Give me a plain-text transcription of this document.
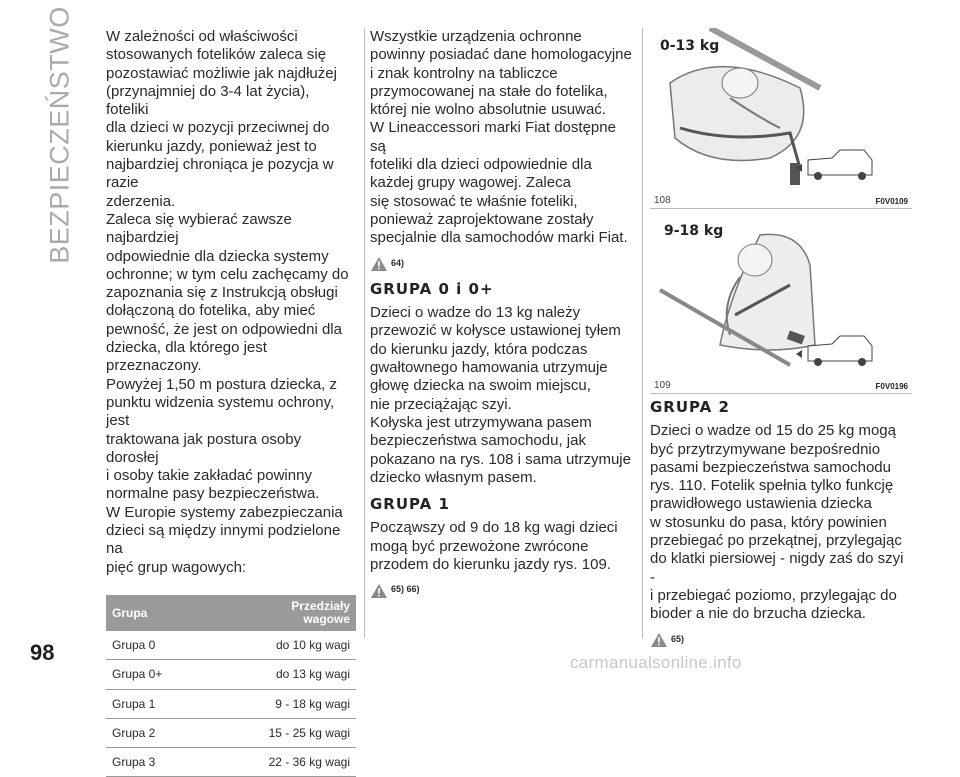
BEZPIECZEŃSTWO W zależności od właściwości
stosowanych fotelików zaleca się
pozostawiać możliwie jak najdłużej
(przynajmniej do 3-4 lat życia), foteliki
dla dzieci w pozycji przeciwnej do
kierunku jazdy, ponieważ jest to
najbardziej chroniąca je pozycja w razie
zderzenia.
Zaleca się wybierać zawsze najbardziej
odpowiednie dla dziecka systemy
ochronne; w tym celu zachęcamy do
zapoznania się z Instrukcją obsługi
dołączoną do fotelika, aby mieć
pewność, że jest on odpowiedni dla
dziecka, dla którego jest przeznaczony.
Powyżej 1,50 m postura dziecka, z
punktu widzenia systemu ochrony, jest
traktowana jak postura osoby dorosłej
i osoby takie zakładać powinny
normalne pasy bezpieczeństwa.
W Europie systemy zabezpieczania
dzieci są między innymi podzielone na
pięć grup wagowych:

Grupa	Przedziały
wagowe
Grupa 0	do 10 kg wagi
Grupa 0+	do 13 kg wagi
Grupa 1	9 - 18 kg wagi
Grupa 2	15 - 25 kg wagi
Grupa 3	22 - 36 kg wagi

Wszystkie urządzenia ochronne
powinny posiadać dane homologacyjne
i znak kontrolny na tabliczce
przymocowanej na stałe do fotelika,
której nie wolno absolutnie usuwać.
W Lineaccessori marki Fiat dostępne są
foteliki dla dzieci odpowiednie dla
każdej grupy wagowej. Zaleca
się stosować te właśnie foteliki,
ponieważ zaprojektowane zostały
specjalnie dla samochodów marki Fiat.

64)
GRUPA 0 i 0+

Dzieci o wadze do 13 kg należy
przewozić w kołysce ustawionej tyłem
do kierunku jazdy, która podczas
gwałtownego hamowania utrzymuje
głowę dziecka na swoim miejscu,
nie przeciążając szyi.
Kołyska jest utrzymywana pasem
bezpieczeństwa samochodu, jak
pokazano na rys. 108 i sama utrzymuje
dziecko własnym pasem.

GRUPA 1

Począwszy od 9 do 18 kg wagi dzieci
mogą być przewożone zwrócone
przodem do kierunku jazdy rys. 109.

65) 66)
0-13 kg
108	F0V0109
9-18 kg
109	F0V0196
GRUPA 2

Dzieci o wadze od 15 do 25 kg mogą
być przytrzymywane bezpośrednio
pasami bezpieczeństwa samochodu
rys. 110. Fotelik spełnia tylko funkcję
prawidłowego ustawienia dziecka
w stosunku do pasa, który powinien
przebiegać po przekątnej, przylegając
do klatki piersiowej - nigdy zaś do szyi -
i przebiegać poziomo, przylegając do
bioder a nie do brzucha dziecka.

65)
98	carmanualsonline.info
